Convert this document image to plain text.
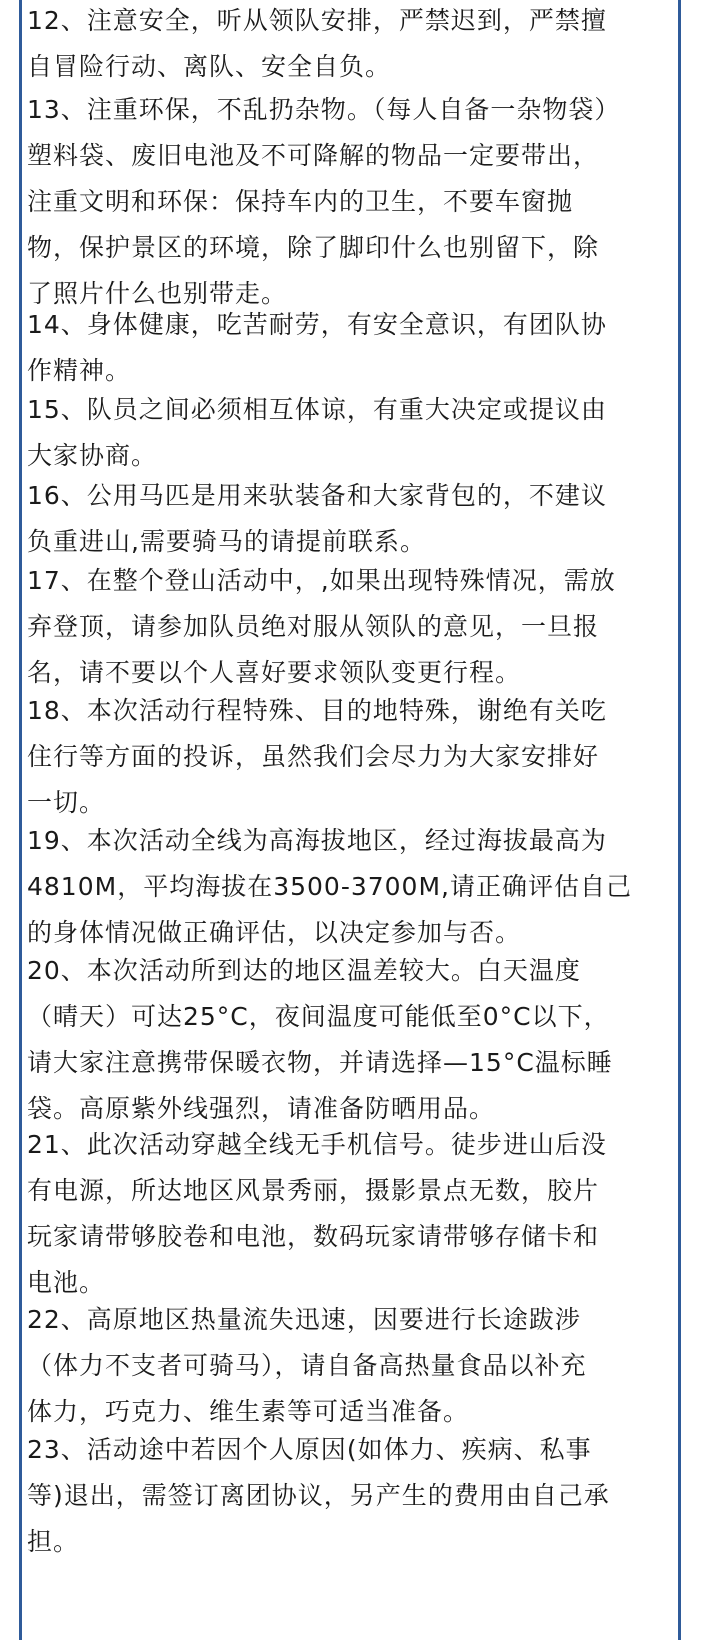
12、注意安全，听从领队安排，严禁迟到，严禁擅
自冒险行动、离队、安全自负。
13、注重环保，不乱扔杂物。（每人自备一杂物袋）
塑料袋、废旧电池及不可降解的物品一定要带出，
注重文明和环保：保持车内的卫生，不要车窗抛
物，保护景区的环境，除了脚印什么也别留下，除
了照片什么也别带走。
14、身体健康，吃苦耐劳，有安全意识，有团队协
作精神。
15、队员之间必须相互体谅，有重大决定或提议由
大家协商。
16、公用马匹是用来驮装备和大家背包的，不建议
负重进山,需要骑马的请提前联系。
17、在整个登山活动中，,如果出现特殊情况，需放
弃登顶，请参加队员绝对服从领队的意见，一旦报
名，请不要以个人喜好要求领队变更行程。
18、本次活动行程特殊、目的地特殊，谢绝有关吃
住行等方面的投诉，虽然我们会尽力为大家安排好
一切。
19、本次活动全线为高海拔地区，经过海拔最高为
4810M，平均海拔在3500-3700M,请正确评估自己
的身体情况做正确评估，以决定参加与否。
20、本次活动所到达的地区温差较大。白天温度
（晴天）可达25°C，夜间温度可能低至0°C以下，
请大家注意携带保暖衣物，并请选择—15°C温标睡
袋。高原紫外线强烈，请准备防晒用品。
21、此次活动穿越全线无手机信号。徒步进山后没
有电源，所达地区风景秀丽，摄影景点无数，胶片
玩家请带够胶卷和电池，数码玩家请带够存储卡和
电池。
22、高原地区热量流失迅速，因要进行长途跋涉
（体力不支者可骑马），请自备高热量食品以补充
体力，巧克力、维生素等可适当准备。
23、活动途中若因个人原因(如体力、疾病、私事
等)退出，需签订离团协议，另产生的费用由自己承
担。
